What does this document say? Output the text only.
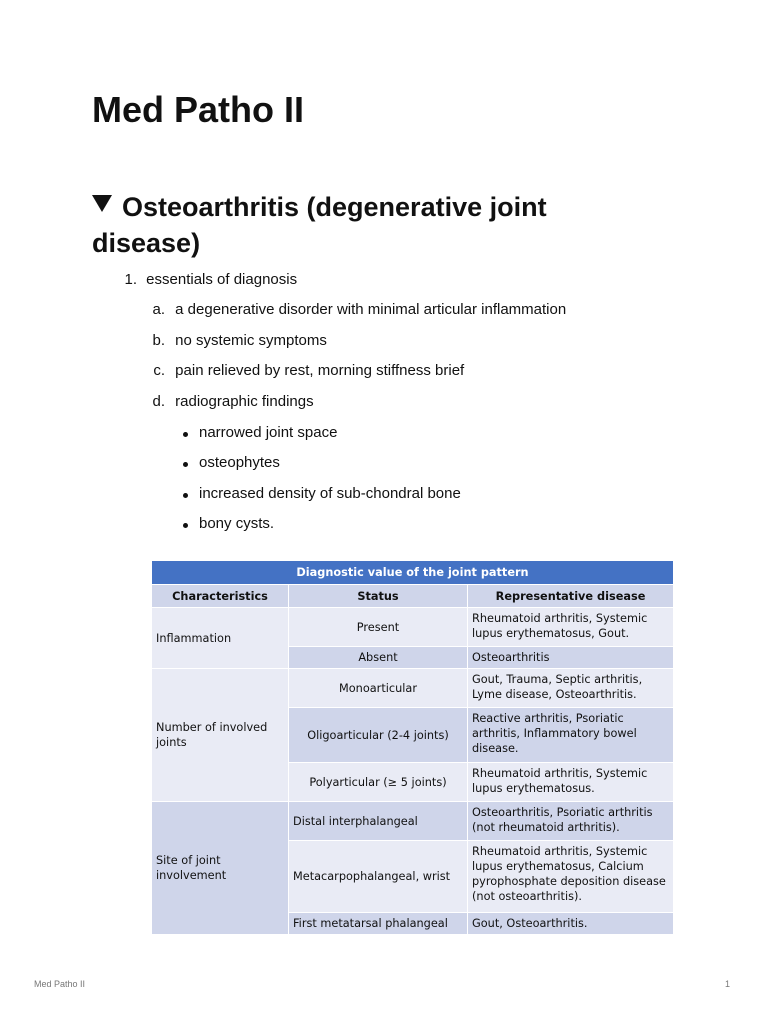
Med Patho II
Osteoarthritis (degenerative joint disease)
1. essentials of diagnosis
a. a degenerative disorder with minimal articular inflammation
b. no systemic symptoms
c. pain relieved by rest, morning stiffness brief
d. radiographic findings
narrowed joint space
osteophytes
increased density of sub-chondral bone
bony cysts.
Diagnostic value of the joint pattern		
Characteristics	Status	Representative disease
Inflammation	Present	Rheumatoid arthritis, Systemic lupus erythematosus, Gout.
	Absent	Osteoarthritis
Number of involved joints	Monoarticular	Gout, Trauma, Septic arthritis, Lyme disease, Osteoarthritis.
	Oligoarticular (2-4 joints)	Reactive arthritis, Psoriatic arthritis, Inflammatory bowel disease.
	Polyarticular (≥ 5 joints)	Rheumatoid arthritis, Systemic lupus erythematosus.
Site of joint involvement	Distal interphalangeal	Osteoarthritis, Psoriatic arthritis (not rheumatoid arthritis).
	Metacarpophalangeal, wrist	Rheumatoid arthritis, Systemic lupus erythematosus, Calcium pyrophosphate deposition disease (not osteoarthritis).
	First metatarsal phalangeal	Gout, Osteoarthritis.
Med Patho II	1
